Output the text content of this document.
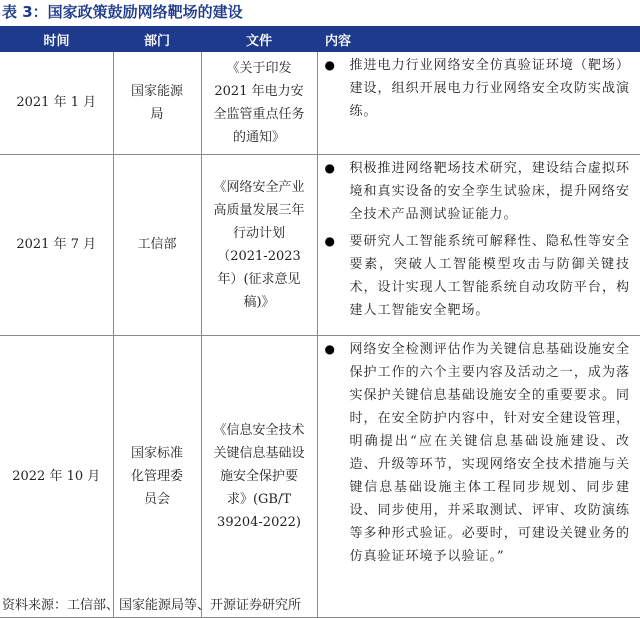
表 3：国家政策鼓励网络靶场的建设
时间	部门	文件	内容
2021 年 1 月	国家能源局	《关于印发 2021 年电力安全监管重点任务的通知》	● 推进电力行业网络安全仿真验证环境（靶场）建设，组织开展电力行业网络安全攻防实战演练。

2021 年 7 月	工信部	《网络安全产业高质量发展三年行动计划（2021-2023年）(征求意见稿)》	● 积极推进网络靶场技术研究，建设结合虚拟环境和真实设备的安全孪生试验床，提升网络安全技术产品测试验证能力。
● 要研究人工智能系统可解释性、隐私性等安全要素，突破人工智能模型攻击与防御关键技术，设计实现人工智能系统自动攻防平台，构建人工智能安全靶场。

2022 年 10 月	国家标准化管理委员会	《信息安全技术关键信息基础设施安全保护要求》(GB/T 39204-2022)	● 网络安全检测评估作为关键信息基础设施安全保护工作的六个主要内容及活动之一，成为落实保护关键信息基础设施安全的重要要求。同时，在安全防护内容中，针对安全建设管理，明确提出“应在关键信息基础设施建设、改造、升级等环节，实现网络安全技术措施与关键信息基础设施主体工程同步规划、同步建设、同步使用，并采取测试、评审、攻防演练等多种形式验证。必要时，可建设关键业务的仿真验证环境予以验证。”
资料来源：工信部、国家能源局等、开源证券研究所
